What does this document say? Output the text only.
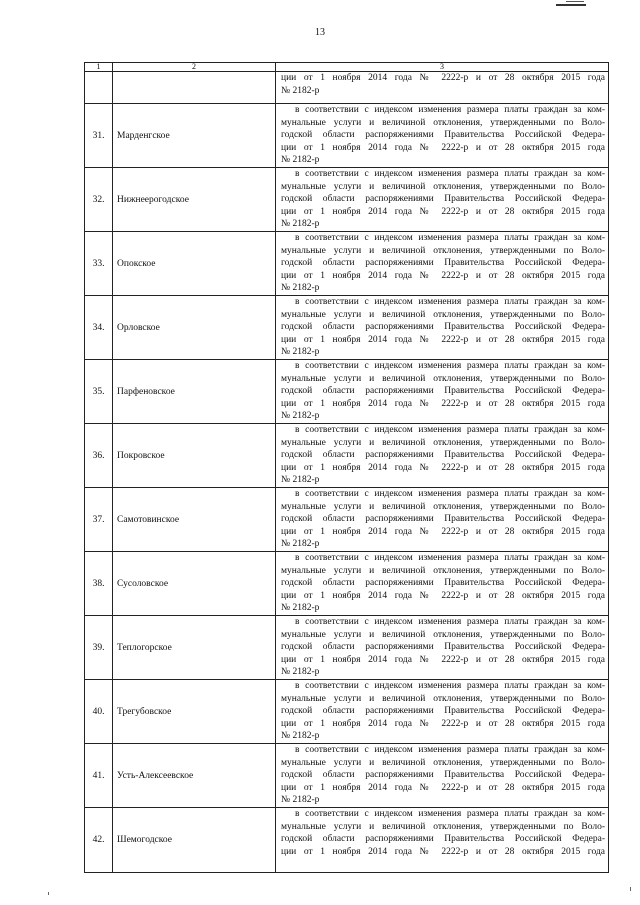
13
1	2	3

		ции от 1 ноября 2014 года № 2222-р и от 28 октября 2015 года
№ 2182-р

31.	Марденгское	в соответствии с индексом изменения размера платы граждан за ком-
мунальные услуги и величиной отклонения, утвержденными по Воло-
годской области распоряжениями Правительства Российской Федера-
ции от 1 ноября 2014 года № 2222-р и от 28 октября 2015 года
№ 2182-р

32.	Нижнеерогодское	в соответствии с индексом изменения размера платы граждан за ком-
мунальные услуги и величиной отклонения, утвержденными по Воло-
годской области распоряжениями Правительства Российской Федера-
ции от 1 ноября 2014 года № 2222-р и от 28 октября 2015 года
№ 2182-р

33.	Опокское	в соответствии с индексом изменения размера платы граждан за ком-
мунальные услуги и величиной отклонения, утвержденными по Воло-
годской области распоряжениями Правительства Российской Федера-
ции от 1 ноября 2014 года № 2222-р и от 28 октября 2015 года
№ 2182-р

34.	Орловское	в соответствии с индексом изменения размера платы граждан за ком-
мунальные услуги и величиной отклонения, утвержденными по Воло-
годской области распоряжениями Правительства Российской Федера-
ции от 1 ноября 2014 года № 2222-р и от 28 октября 2015 года
№ 2182-р

35.	Парфеновское	в соответствии с индексом изменения размера платы граждан за ком-
мунальные услуги и величиной отклонения, утвержденными по Воло-
годской области распоряжениями Правительства Российской Федера-
ции от 1 ноября 2014 года № 2222-р и от 28 октября 2015 года
№ 2182-р

36.	Покровское	в соответствии с индексом изменения размера платы граждан за ком-
мунальные услуги и величиной отклонения, утвержденными по Воло-
годской области распоряжениями Правительства Российской Федера-
ции от 1 ноября 2014 года № 2222-р и от 28 октября 2015 года
№ 2182-р

37.	Самотовинское	в соответствии с индексом изменения размера платы граждан за ком-
мунальные услуги и величиной отклонения, утвержденными по Воло-
годской области распоряжениями Правительства Российской Федера-
ции от 1 ноября 2014 года № 2222-р и от 28 октября 2015 года
№ 2182-р

38.	Сусоловское	в соответствии с индексом изменения размера платы граждан за ком-
мунальные услуги и величиной отклонения, утвержденными по Воло-
годской области распоряжениями Правительства Российской Федера-
ции от 1 ноября 2014 года № 2222-р и от 28 октября 2015 года
№ 2182-р

39.	Теплогорское	в соответствии с индексом изменения размера платы граждан за ком-
мунальные услуги и величиной отклонения, утвержденными по Воло-
годской области распоряжениями Правительства Российской Федера-
ции от 1 ноября 2014 года № 2222-р и от 28 октября 2015 года
№ 2182-р

40.	Трегубовское	в соответствии с индексом изменения размера платы граждан за ком-
мунальные услуги и величиной отклонения, утвержденными по Воло-
годской области распоряжениями Правительства Российской Федера-
ции от 1 ноября 2014 года № 2222-р и от 28 октября 2015 года
№ 2182-р

41.	Усть-Алексеевское	в соответствии с индексом изменения размера платы граждан за ком-
мунальные услуги и величиной отклонения, утвержденными по Воло-
годской области распоряжениями Правительства Российской Федера-
ции от 1 ноября 2014 года № 2222-р и от 28 октября 2015 года
№ 2182-р

42.	Шемогодское	в соответствии с индексом изменения размера платы граждан за ком-
мунальные услуги и величиной отклонения, утвержденными по Воло-
годской области распоряжениями Правительства Российской Федера-
ции от 1 ноября 2014 года № 2222-р и от 28 октября 2015 года
